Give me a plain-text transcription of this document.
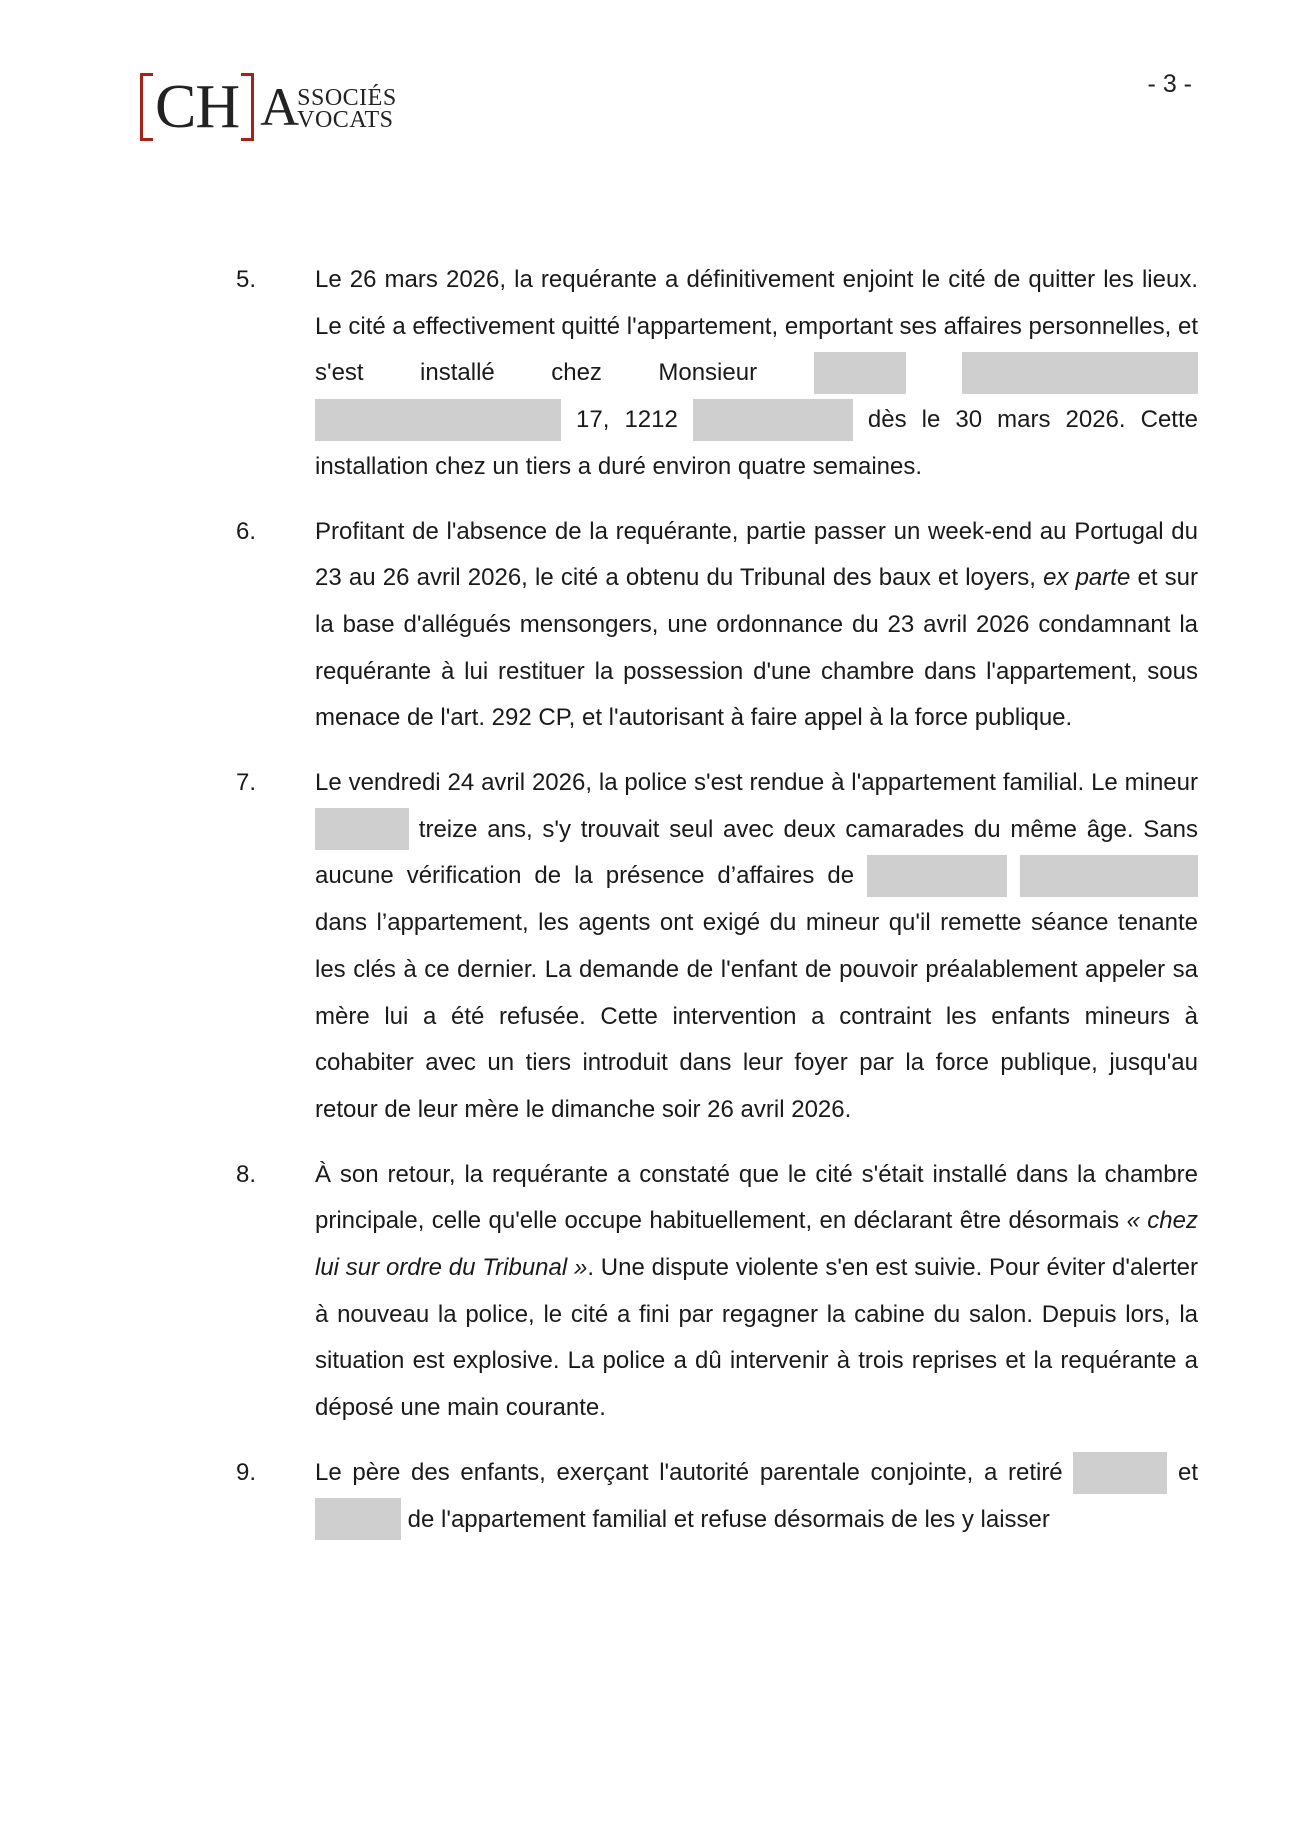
CH A
SSOCIÉS
VOCATS
- 3 -
5. Le 26 mars 2026, la requérante a définitivement enjoint le cité de quitter les lieux. Le cité a effectivement quitté l'appartement, emportant ses affaires personnelles, et s'est installé chez Monsieur    17, 1212	dès le 30 mars 2026. Cette installation chez un tiers a duré environ quatre semaines.
6. Profitant de l'absence de la requérante, partie passer un week-end au Portugal du 23 au 26 avril 2026, le cité a obtenu du Tribunal des baux et loyers, ex parte et sur la base d'allégués mensongers, une ordonnance du 23 avril 2026 condamnant la requérante à lui restituer la possession d'une chambre dans l'appartement, sous menace de l'art. 292 CP, et l'autorisant à faire appel à la force publique.
7. Le vendredi 24 avril 2026, la police s'est rendue à l'appartement familial. Le mineur  treize ans, s'y trouvait seul avec deux camarades du même âge. Sans aucune vérification de la présence d’affaires de   dans l’appartement, les agents ont exigé du mineur qu'il remette séance tenante les clés à ce dernier. La demande de l'enfant de pouvoir préalablement appeler sa mère lui a été refusée. Cette intervention a contraint les enfants mineurs à cohabiter avec un tiers introduit dans leur foyer par la force publique, jusqu'au retour de leur mère le dimanche soir 26 avril 2026.
8. À son retour, la requérante a constaté que le cité s'était installé dans la chambre principale, celle qu'elle occupe habituellement, en déclarant être désormais « chez lui sur ordre du Tribunal ». Une dispute violente s'en est suivie. Pour éviter d'alerter à nouveau la police, le cité a fini par regagner la cabine du salon. Depuis lors, la situation est explosive. La police a dû intervenir à trois reprises et la requérante a déposé une main courante.
9. Le père des enfants, exerçant l'autorité parentale conjointe, a retiré	et  de l'appartement familial et refuse désormais de les y laisser
